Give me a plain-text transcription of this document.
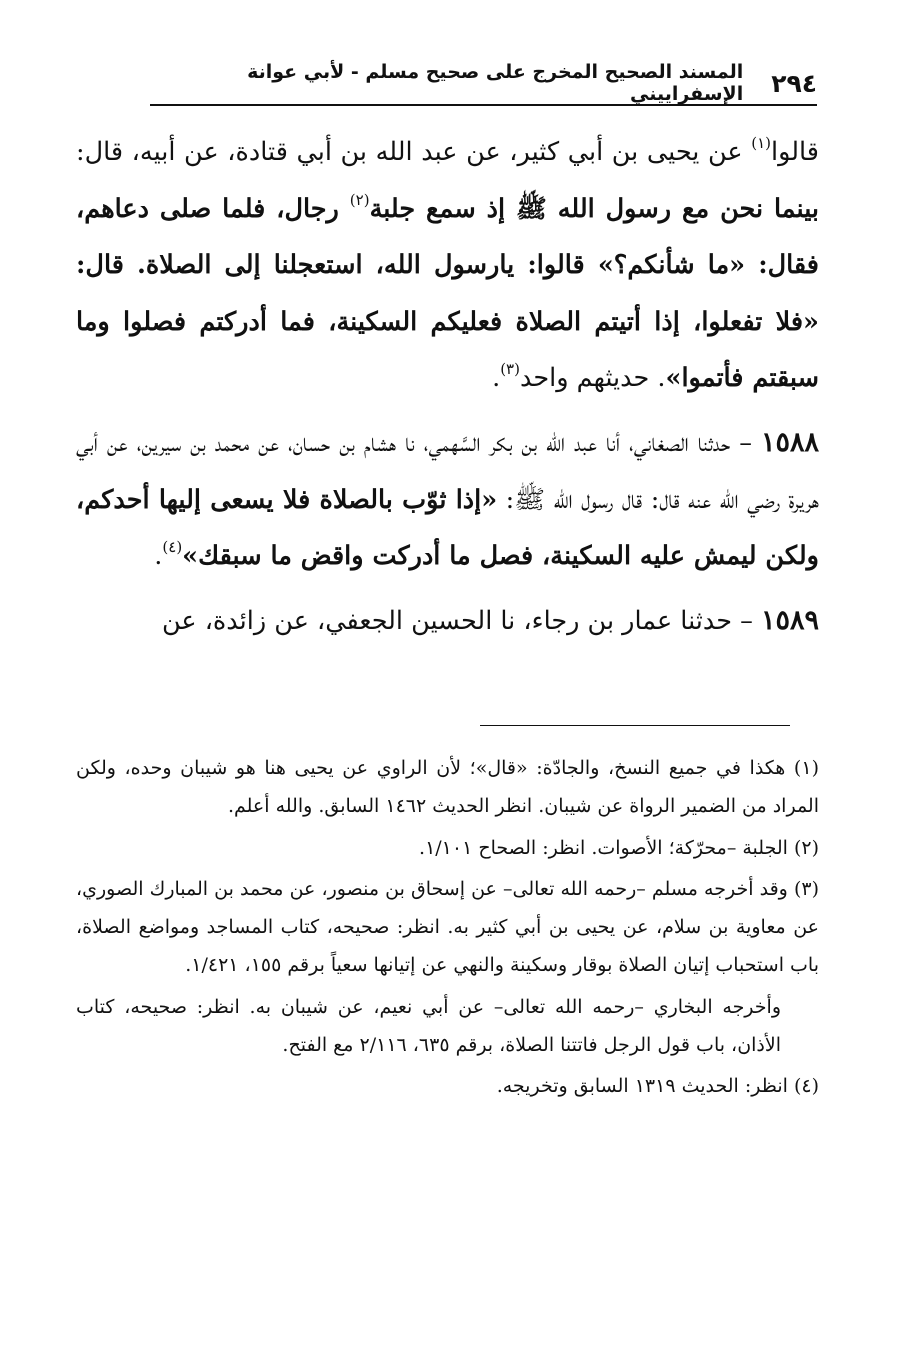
٢٩٤
المسند الصحيح المخرج على صحيح مسلم - لأبي عوانة الإسفراييني

قالوا$^{(١)}$ عن يحيى بن أبي كثير، عن عبد الله بن أبي قتادة، عن أبيه، قال: بينما نحن مع رسول الله ﷺ إذ سمع جلبة$^{(٢)}$ رجال، فلما صلى دعاهم، فقال: «ما شأنكم؟» قالوا: يارسول الله، استعجلنا إلى الصلاة. قال: «فلا تفعلوا، إذا أتيتم الصلاة فعليكم السكينة، فما أدركتم فصلوا وما سبقتم فأتموا». حديثهم واحد$^{(٣)}$.

١٥٨٨ – حدثنا الصغاني، أنا عبد الله بن بكر السَّهمي، نا هشام بن حسان، عن محمد بن سيرين، عن أبي هريرة رضي الله عنه قال: قال رسول الله ﷺ: «إذا ثوّب بالصلاة فلا يسعى إليها أحدكم، ولكن ليمش عليه السكينة، فصل ما أدركت واقض ما سبقك»$^{(٤)}$.

١٥٨٩ – حدثنا عمار بن رجاء، نا الحسين الجعفي، عن زائدة، عن

(١) هكذا في جميع النسخ، والجادّة: «قال»؛ لأن الراوي عن يحيى هنا هو شيبان وحده، ولكن المراد من الضمير الرواة عن شيبان. انظر الحديث ١٤٦٢ السابق. والله أعلم.

(٢) الجلبة –محرّكة؛ الأصوات. انظر: الصحاح ١/١٠١.

(٣) وقد أخرجه مسلم –رحمه الله تعالى– عن إسحاق بن منصور، عن محمد بن المبارك الصوري، عن معاوية بن سلام، عن يحيى بن أبي كثير به. انظر: صحيحه، كتاب المساجد ومواضع الصلاة، باب استحباب إتيان الصلاة بوقار وسكينة والنهي عن إتيانها سعياً برقم ١٥٥، ١/٤٢١.

وأخرجه البخاري –رحمه الله تعالى– عن أبي نعيم، عن شيبان به. انظر: صحيحه، كتاب الأذان، باب قول الرجل فاتتنا الصلاة، برقم ٦٣٥، ٢/١١٦ مع الفتح.

(٤) انظر: الحديث ١٣١٩ السابق وتخريجه.
